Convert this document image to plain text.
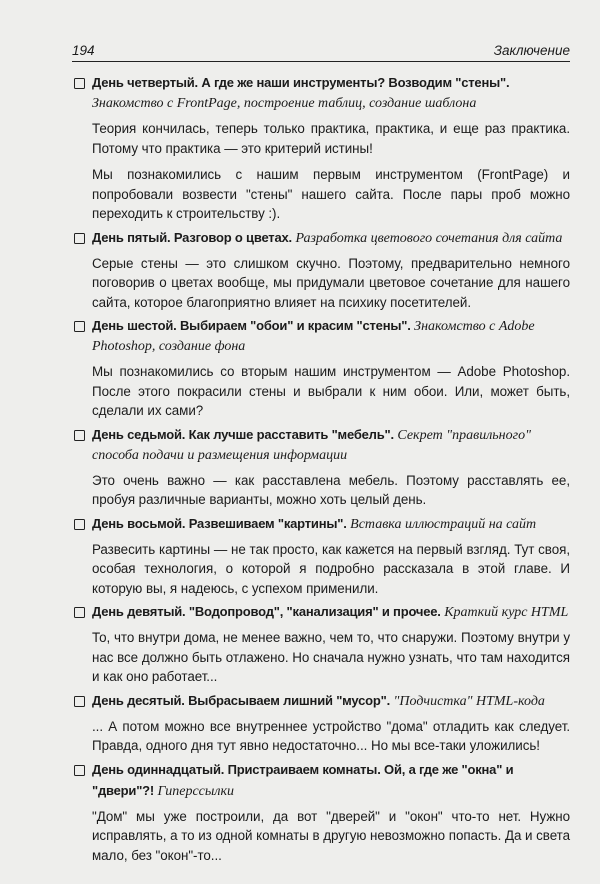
194	Заключение
День четвертый. А где же наши инструменты? Возводим "стены". Знакомство с FrontPage, построение таблиц, создание шаблона

Теория кончилась, теперь только практика, практика, и еще раз практика. Потому что практика — это критерий истины!

Мы познакомились с нашим первым инструментом (FrontPage) и попробовали возвести "стены" нашего сайта. После пары проб можно переходить к строительству :).

День пятый. Разговор о цветах. Разработка цветового сочетания для сайта

Серые стены — это слишком скучно. Поэтому, предварительно немного поговорив о цветах вообще, мы придумали цветовое сочетание для нашего сайта, которое благоприятно влияет на психику посетителей.

День шестой. Выбираем "обои" и красим "стены". Знакомство с Adobe Photoshop, создание фона

Мы познакомились со вторым нашим инструментом — Adobe Photoshop. После этого покрасили стены и выбрали к ним обои. Или, может быть, сделали их сами?

День седьмой. Как лучше расставить "мебель". Секрет "правильного" способа подачи и размещения информации

Это очень важно — как расставлена мебель. Поэтому расставлять ее, пробуя различные варианты, можно хоть целый день.

День восьмой. Развешиваем "картины". Вставка иллюстраций на сайт

Развесить картины — не так просто, как кажется на первый взгляд. Тут своя, особая технология, о которой я подробно рассказала в этой главе. И которую вы, я надеюсь, с успехом применили.

День девятый. "Водопровод", "канализация" и прочее. Краткий курс HTML

То, что внутри дома, не менее важно, чем то, что снаружи. Поэтому внутри у нас все должно быть отлажено. Но сначала нужно узнать, что там находится и как оно работает...

День десятый. Выбрасываем лишний "мусор". "Подчистка" HTML-кода

... А потом можно все внутреннее устройство "дома" отладить как следует. Правда, одного дня тут явно недостаточно... Но мы все-таки уложились!

День одиннадцатый. Пристраиваем комнаты. Ой, а где же "окна" и "двери"?! Гиперссылки

"Дом" мы уже построили, да вот "дверей" и "окон" что-то нет. Нужно исправлять, а то из одной комнаты в другую невозможно попасть. Да и света мало, без "окон"-то...
